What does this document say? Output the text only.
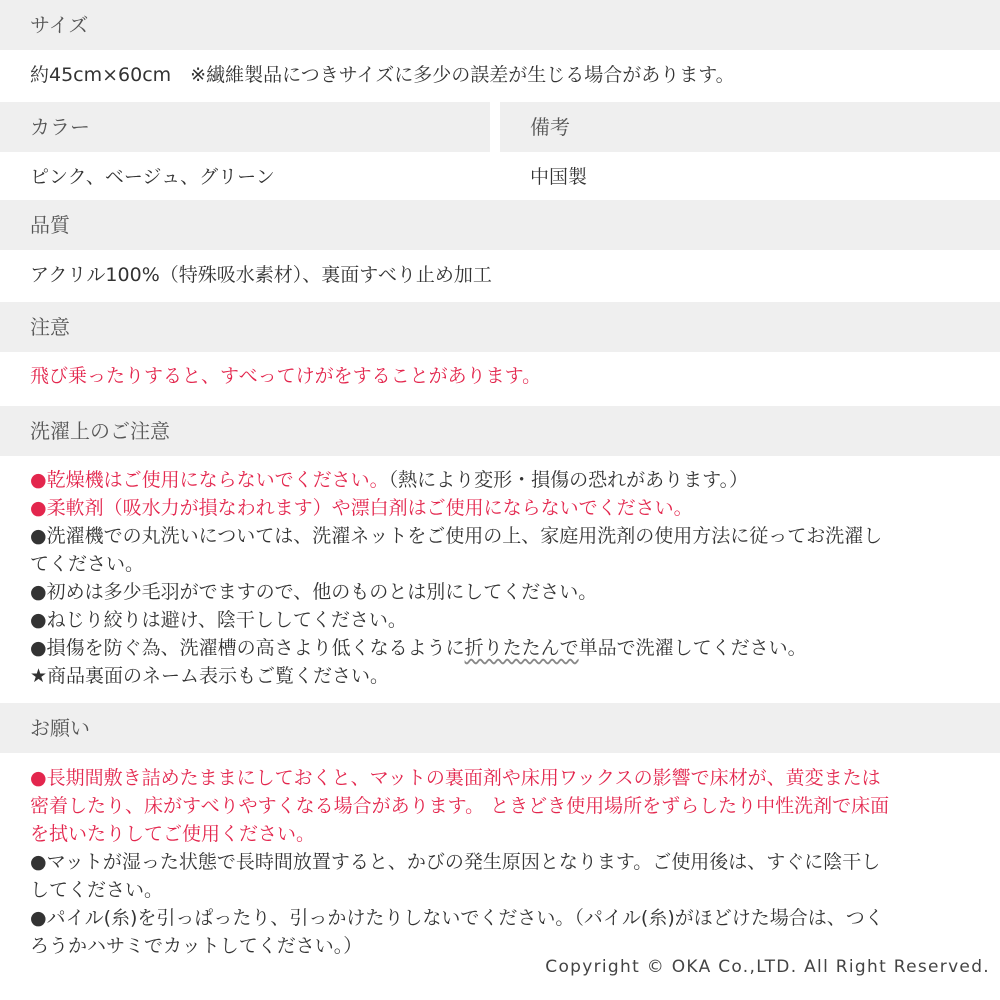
サイズ
約45cm×60cm　※繊維製品につきサイズに多少の誤差が生じる場合があります。
カラー	備考
ピンク、ベージュ、グリーン	中国製
品質
アクリル100%（特殊吸水素材）、裏面すべり止め加工
注意
飛び乗ったりすると、すべってけがをすることがあります。
洗濯上のご注意
●乾燥機はご使用にならないでください。（熱により変形・損傷の恐れがあります。）
●柔軟剤（吸水力が損なわれます）や漂白剤はご使用にならないでください。
●洗濯機での丸洗いについては、洗濯ネットをご使用の上、家庭用洗剤の使用方法に従ってお洗濯し
てください。
●初めは多少毛羽がでますので、他のものとは別にしてください。
●ねじり絞りは避け、陰干ししてください。
●損傷を防ぐ為、洗濯槽の高さより低くなるように折りたたんで単品で洗濯してください。
★商品裏面のネーム表示もご覧ください。
お願い
●長期間敷き詰めたままにしておくと、マットの裏面剤や床用ワックスの影響で床材が、黄変または
密着したり、床がすべりやすくなる場合があります。 ときどき使用場所をずらしたり中性洗剤で床面
を拭いたりしてご使用ください。
●マットが湿った状態で長時間放置すると、かびの発生原因となります。ご使用後は、すぐに陰干し
してください。
●パイル(糸)を引っぱったり、引っかけたりしないでください。（パイル(糸)がほどけた場合は、つく
ろうかハサミでカットしてください。）
Copyright © OKA Co.,LTD. All Right Reserved.
